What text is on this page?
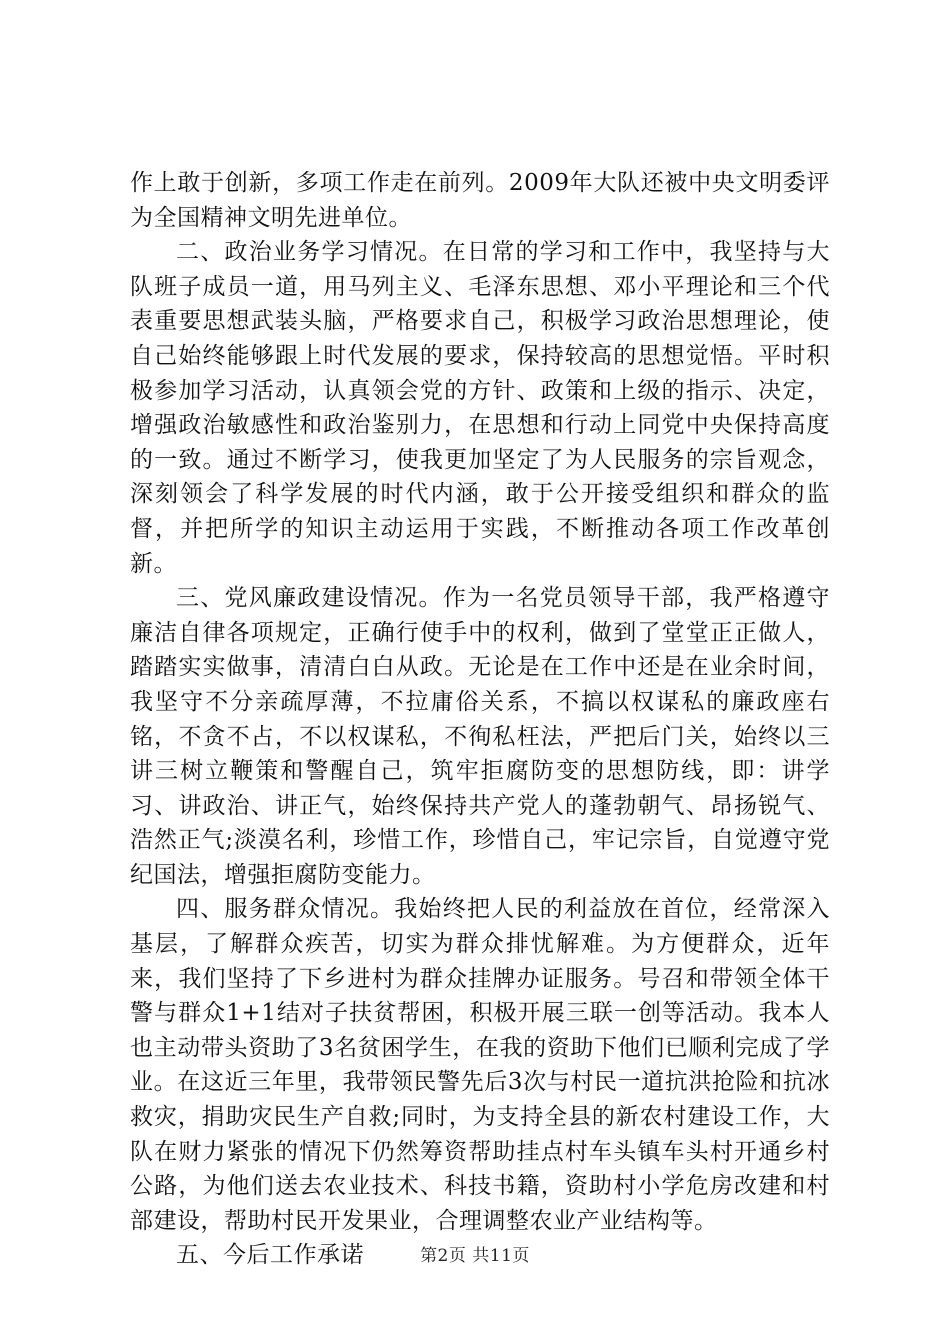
作上敢于创新，多项工作走在前列。2009年大队还被中央文明委评为全国精神文明先进单位。

二、政治业务学习情况。在日常的学习和工作中，我坚持与大队班子成员一道，用马列主义、毛泽东思想、邓小平理论和三个代表重要思想武装头脑，严格要求自己，积极学习政治思想理论，使自己始终能够跟上时代发展的要求，保持较高的思想觉悟。平时积极参加学习活动，认真领会党的方针、政策和上级的指示、决定，增强政治敏感性和政治鉴别力，在思想和行动上同党中央保持高度的一致。通过不断学习，使我更加坚定了为人民服务的宗旨观念，深刻领会了科学发展的时代内涵，敢于公开接受组织和群众的监督，并把所学的知识主动运用于实践，不断推动各项工作改革创新。

三、党风廉政建设情况。作为一名党员领导干部，我严格遵守廉洁自律各项规定，正确行使手中的权利，做到了堂堂正正做人，踏踏实实做事，清清白白从政。无论是在工作中还是在业余时间，我坚守不分亲疏厚薄，不拉庸俗关系，不搞以权谋私的廉政座右铭，不贪不占，不以权谋私，不徇私枉法，严把后门关，始终以三讲三树立鞭策和警醒自己，筑牢拒腐防变的思想防线，即：讲学习、讲政治、讲正气，始终保持共产党人的蓬勃朝气、昂扬锐气、浩然正气;淡漠名利，珍惜工作，珍惜自己，牢记宗旨，自觉遵守党纪国法，增强拒腐防变能力。

四、服务群众情况。我始终把人民的利益放在首位，经常深入基层，了解群众疾苦，切实为群众排忧解难。为方便群众，近年来，我们坚持了下乡进村为群众挂牌办证服务。号召和带领全体干警与群众1+1结对子扶贫帮困，积极开展三联一创等活动。我本人也主动带头资助了3名贫困学生，在我的资助下他们已顺利完成了学业。在这近三年里，我带领民警先后3次与村民一道抗洪抢险和抗冰救灾，捐助灾民生产自救;同时，为支持全县的新农村建设工作，大队在财力紧张的情况下仍然筹资帮助挂点村车头镇车头村开通乡村公路，为他们送去农业技术、科技书籍，资助村小学危房改建和村部建设，帮助村民开发果业，合理调整农业产业结构等。

五、今后工作承诺	第2页 共11页
